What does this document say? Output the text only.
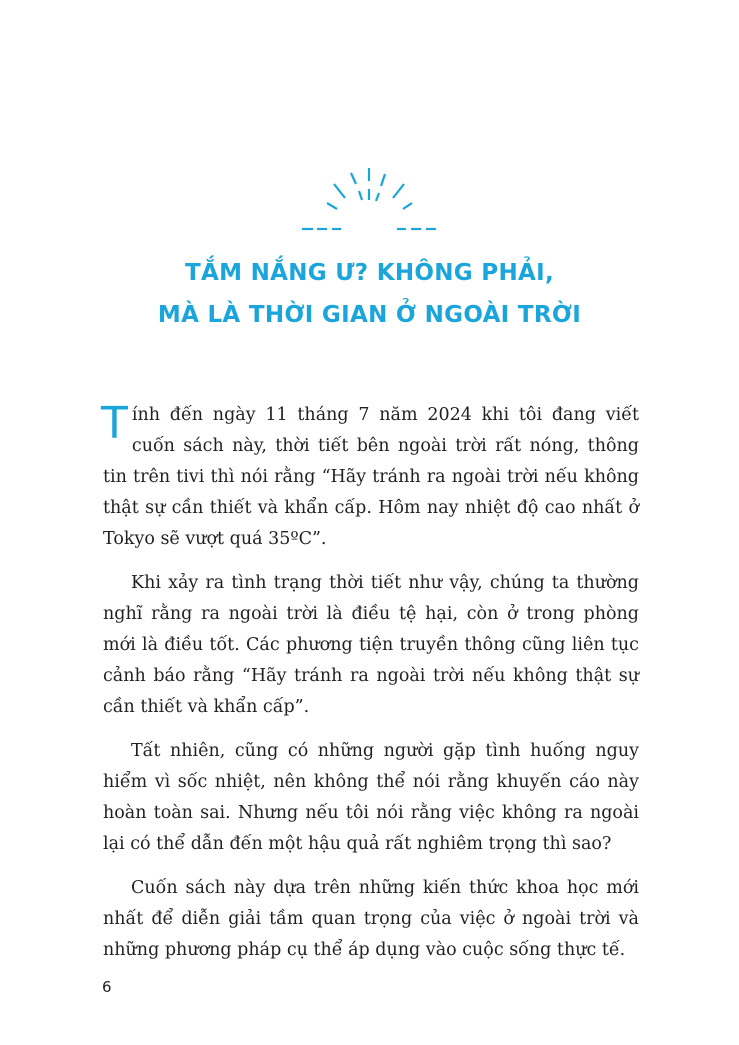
TẮM NẮNG Ư? KHÔNG PHẢI,
MÀ LÀ THỜI GIAN Ở NGOÀI TRỜI

Tính đến ngày 11 tháng 7 năm 2024 khi tôi đang viết cuốn sách này, thời tiết bên ngoài trời rất nóng, thông tin trên tivi thì nói rằng “Hãy tránh ra ngoài trời nếu không thật sự cần thiết và khẩn cấp. Hôm nay nhiệt độ cao nhất ở Tokyo sẽ vượt quá 35ºC”.

Khi xảy ra tình trạng thời tiết như vậy, chúng ta thường nghĩ rằng ra ngoài trời là điều tệ hại, còn ở trong phòng mới là điều tốt. Các phương tiện truyền thông cũng liên tục cảnh báo rằng “Hãy tránh ra ngoài trời nếu không thật sự cần thiết và khẩn cấp”.

Tất nhiên, cũng có những người gặp tình huống nguy hiểm vì sốc nhiệt, nên không thể nói rằng khuyến cáo này hoàn toàn sai. Nhưng nếu tôi nói rằng việc không ra ngoài lại có thể dẫn đến một hậu quả rất nghiêm trọng thì sao?

Cuốn sách này dựa trên những kiến thức khoa học mới nhất để diễn giải tầm quan trọng của việc ở ngoài trời và những phương pháp cụ thể áp dụng vào cuộc sống thực tế.

6
